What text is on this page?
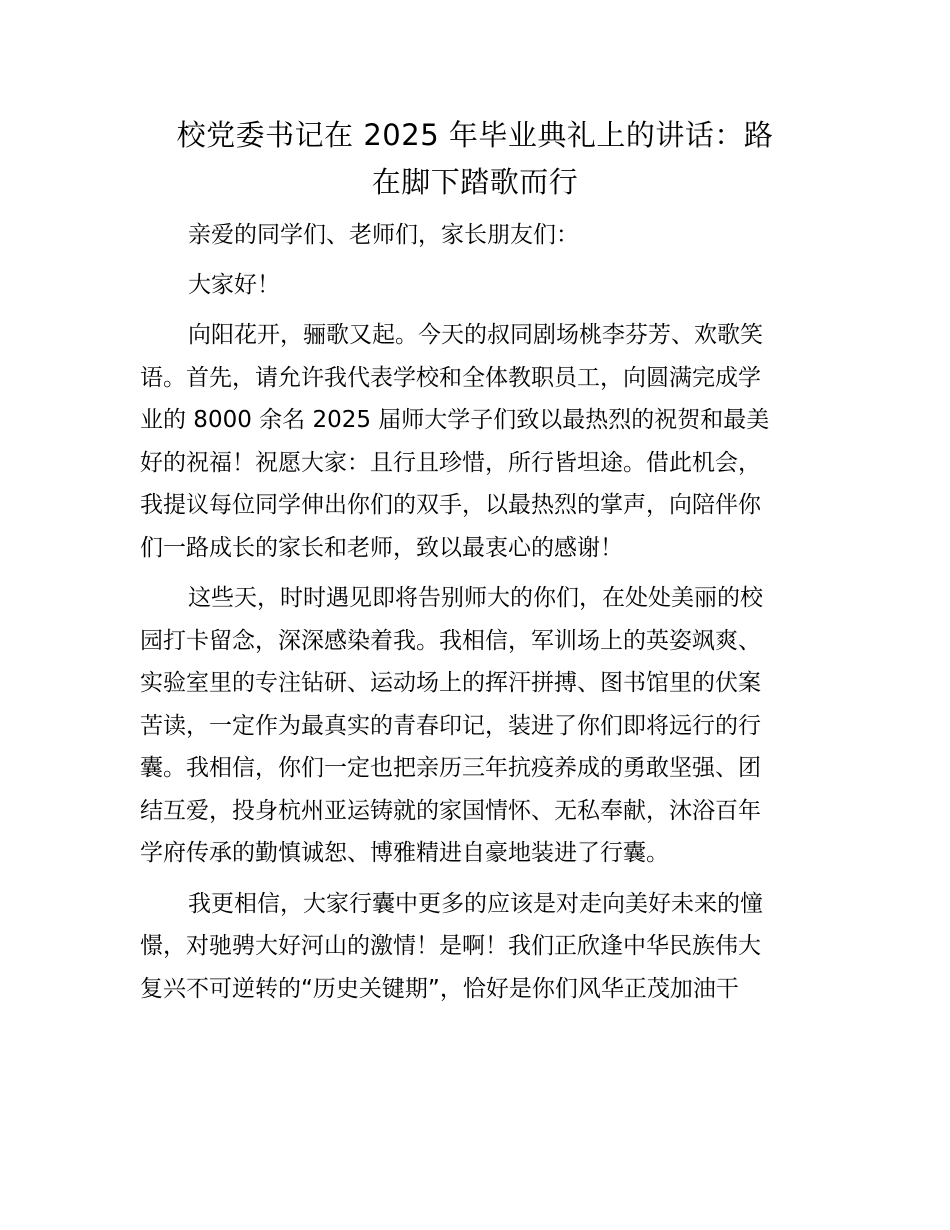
校党委书记在 2025 年毕业典礼上的讲话：路
在脚下踏歌而行

亲爱的同学们、老师们，家长朋友们：

大家好！

向阳花开，骊歌又起。今天的叔同剧场桃李芬芳、欢歌笑
语。首先，请允许我代表学校和全体教职员工，向圆满完成学
业的 8000 余名 2025 届师大学子们致以最热烈的祝贺和最美
好的祝福！祝愿大家：且行且珍惜，所行皆坦途。借此机会，
我提议每位同学伸出你们的双手，以最热烈的掌声，向陪伴你
们一路成长的家长和老师，致以最衷心的感谢！

这些天，时时遇见即将告别师大的你们，在处处美丽的校
园打卡留念，深深感染着我。我相信，军训场上的英姿飒爽、
实验室里的专注钻研、运动场上的挥汗拼搏、图书馆里的伏案
苦读，一定作为最真实的青春印记，装进了你们即将远行的行
囊。我相信，你们一定也把亲历三年抗疫养成的勇敢坚强、团
结互爱，投身杭州亚运铸就的家国情怀、无私奉献，沐浴百年
学府传承的勤慎诚恕、博雅精进自豪地装进了行囊。

我更相信，大家行囊中更多的应该是对走向美好未来的憧
憬，对驰骋大好河山的激情！是啊！我们正欣逢中华民族伟大
复兴不可逆转的“历史关键期”，恰好是你们风华正茂加油干
